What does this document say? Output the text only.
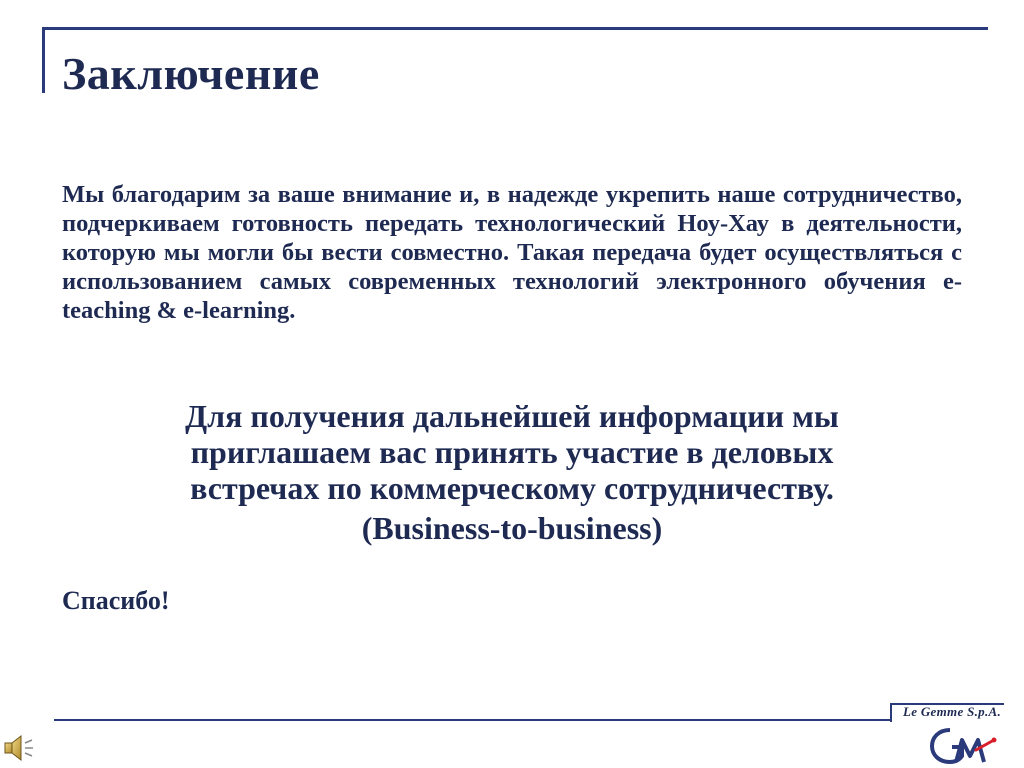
Заключение

Мы благодарим за ваше внимание и, в надежде укрепить наше сотрудничество, подчеркиваем готовность передать технологический Ноу-Хау в деятельности, которую мы могли бы вести совместно. Такая передача будет осуществляться с использованием самых современных технологий электронного обучения e-teaching & e-learning.

Для получения дальнейшей информации мы
приглашаем вас принять участие в деловых
встречах по коммерческому сотрудничеству.

(Business-to-business)

Спасибо!

Le Gemme S.p.A.
